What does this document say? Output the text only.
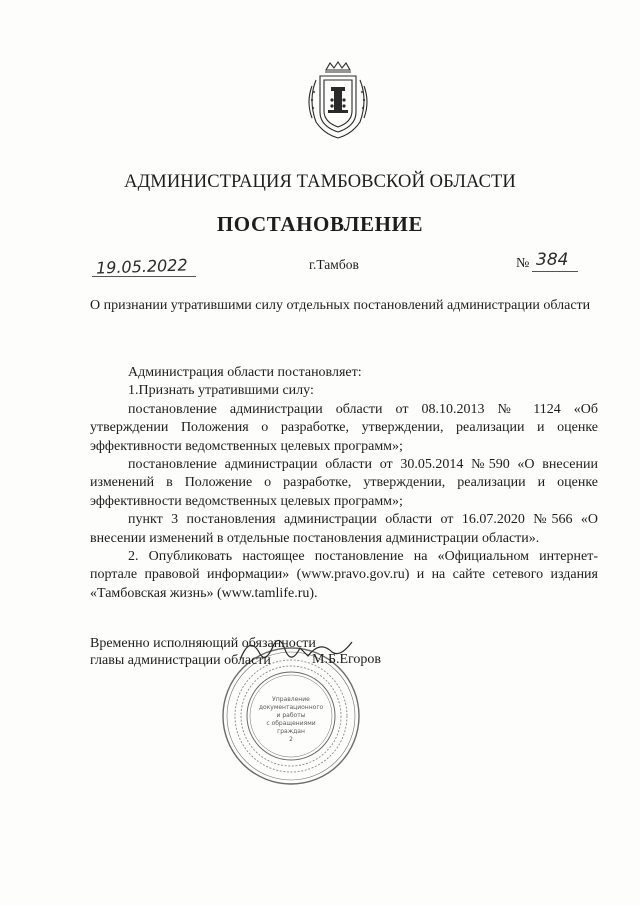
АДМИНИСТРАЦИЯ ТАМБОВСКОЙ ОБЛАСТИ
ПОСТАНОВЛЕНИЕ
19.05.2022	г.Тамбов	№ 384
О признании утратившими силу отдельных постановлений администрации области

Администрация области постановляет:

1.Признать утратившими силу:

постановление администрации области от 08.10.2013 № 1124 «Об утверждении Положения о разработке, утверждении, реализации и оценке эффективности ведомственных целевых программ»;

постановление администрации области от 30.05.2014 №590 «О внесении изменений в Положение о разработке, утверждении, реализации и оценке эффективности ведомственных целевых программ»;

пункт 3 постановления администрации области от 16.07.2020 №566 «О внесении изменений в отдельные постановления администрации области».

2. Опубликовать настоящее постановление на «Официальном интернет-портале правовой информации» (www.pravo.gov.ru) и на сайте сетевого издания «Тамбовская жизнь» (www.tamlife.ru).

Управление
документационного
и работы
с обращениями
граждан
2
Временно исполняющий обязанности
главы администрации области	М.Б.Егоров
